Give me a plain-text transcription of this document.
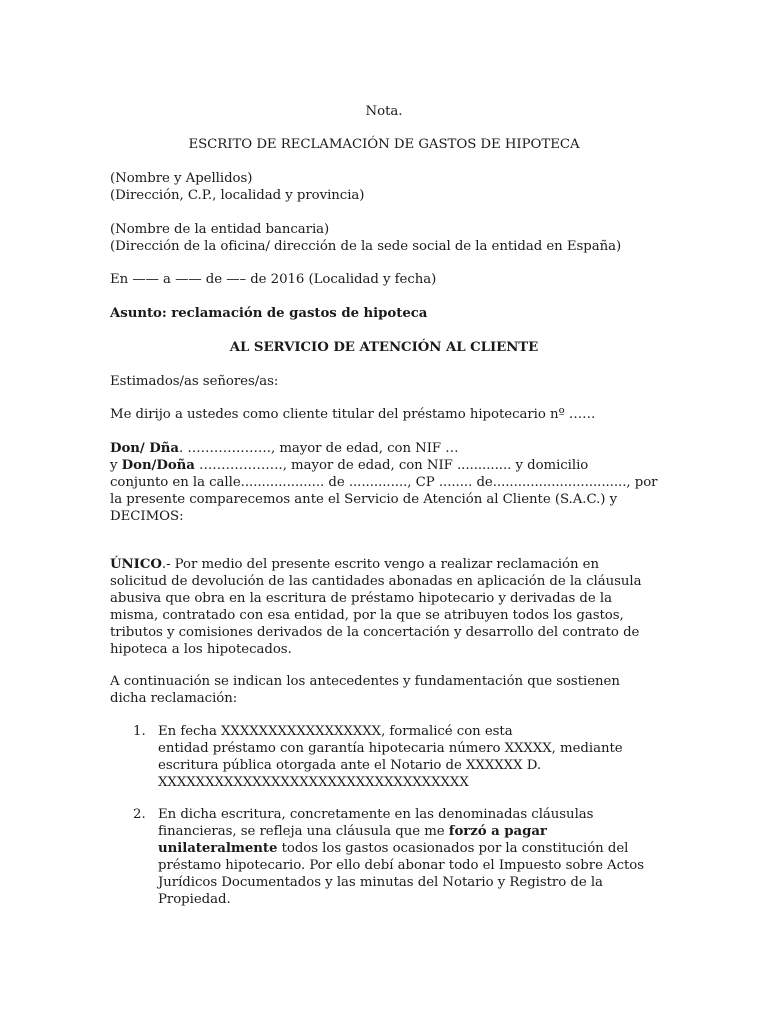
Nota.

ESCRITO DE RECLAMACIÓN DE GASTOS DE HIPOTECA

(Nombre y Apellidos)

(Dirección, C.P., localidad y provincia)

(Nombre de la entidad bancaria)

(Dirección de la oficina/ dirección de la sede social de la entidad en España)

En —— a —— de —– de 2016 (Localidad y fecha)

Asunto: reclamación de gastos de hipoteca

AL SERVICIO DE ATENCIÓN AL CLIENTE

Estimados/as señores/as:

Me dirijo a ustedes como cliente titular del préstamo hipotecario nº ……

Don/ Dña. ………………., mayor de edad, con NIF …

y Don/Doña ………………., mayor de edad, con NIF ............. y domicilio

conjunto en la calle.................... de .............., CP ........ de................................, por

la presente comparecemos ante el Servicio de Atención al Cliente (S.A.C.) y

DECIMOS:

ÚNICO.- Por medio del presente escrito vengo a realizar reclamación en

solicitud de devolución de las cantidades abonadas en aplicación de la cláusula

abusiva que obra en la escritura de préstamo hipotecario y derivadas de la

misma, contratado con esa entidad, por la que se atribuyen todos los gastos,

tributos y comisiones derivados de la concertación y desarrollo del contrato de

hipoteca a los hipotecados.

A continuación se indican los antecedentes y fundamentación que sostienen

dicha reclamación:

1. En fecha XXXXXXXXXXXXXXXXX, formalicé con esta

entidad préstamo con garantía hipotecaria número XXXXX, mediante

escritura pública otorgada ante el Notario de XXXXXX D.

XXXXXXXXXXXXXXXXXXXXXXXXXXXXXXXXX

2. En dicha escritura, concretamente en las denominadas cláusulas

financieras, se refleja una cláusula que me forzó a pagar

unilateralmente todos los gastos ocasionados por la constitución del

préstamo hipotecario. Por ello debí abonar todo el Impuesto sobre Actos

Jurídicos Documentados y las minutas del Notario y Registro de la

Propiedad.
